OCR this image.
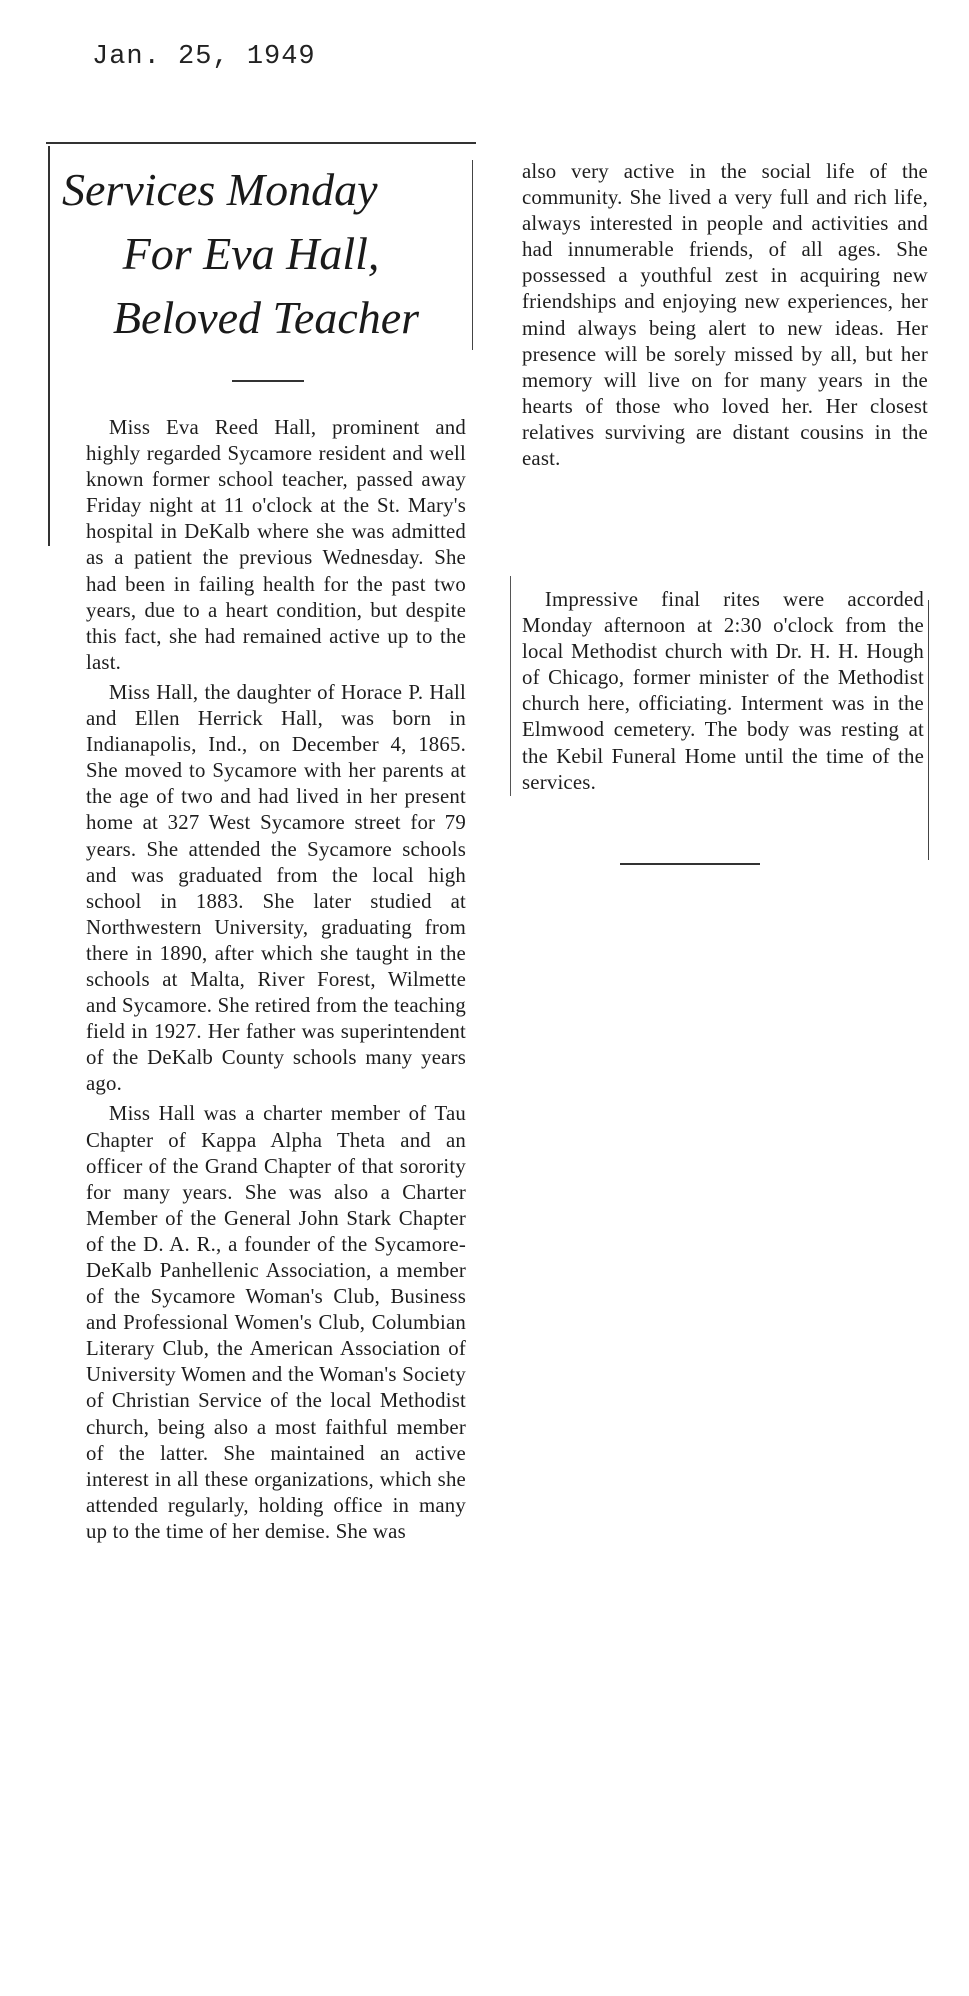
Jan. 25, 1949
Services Monday
For Eva Hall,
Beloved Teacher

Miss Eva Reed Hall, prominent and highly regarded Sycamore resident and well known former school teacher, passed away Friday night at 11 o'clock at the St. Mary's hospital in DeKalb where she was admitted as a patient the previous Wednesday. She had been in failing health for the past two years, due to a heart condition, but despite this fact, she had remained active up to the last.

Miss Hall, the daughter of Horace P. Hall and Ellen Herrick Hall, was born in Indianapolis, Ind., on December 4, 1865. She moved to Sycamore with her parents at the age of two and had lived in her present home at 327 West Sycamore street for 79 years. She attended the Sycamore schools and was graduated from the local high school in 1883. She later studied at Northwestern University, graduating from there in 1890, after which she taught in the schools at Malta, River Forest, Wilmette and Sycamore. She retired from the teaching field in 1927. Her father was superintendent of the DeKalb County schools many years ago.

Miss Hall was a charter member of Tau Chapter of Kappa Alpha Theta and an officer of the Grand Chapter of that sorority for many years. She was also a Charter Member of the General John Stark Chapter of the D. A. R., a founder of the Sycamore-DeKalb Panhellenic Association, a member of the Sycamore Woman's Club, Business and Professional Women's Club, Columbian Literary Club, the American Association of University Women and the Woman's Society of Christian Service of the local Methodist church, being also a most faithful member of the latter. She maintained an active interest in all these organizations, which she attended regularly, holding office in many up to the time of her demise. She was

also very active in the social life of the community. She lived a very full and rich life, always interested in people and activities and had innumerable friends, of all ages. She possessed a youthful zest in acquiring new friendships and enjoying new experiences, her mind always being alert to new ideas. Her presence will be sorely missed by all, but her memory will live on for many years in the hearts of those who loved her. Her closest relatives surviving are distant cousins in the east.

Impressive final rites were accorded Monday afternoon at 2:30 o'clock from the local Methodist church with Dr. H. H. Hough of Chicago, former minister of the Methodist church here, officiating. Interment was in the Elmwood cemetery. The body was resting at the Kebil Funeral Home until the time of the services.
